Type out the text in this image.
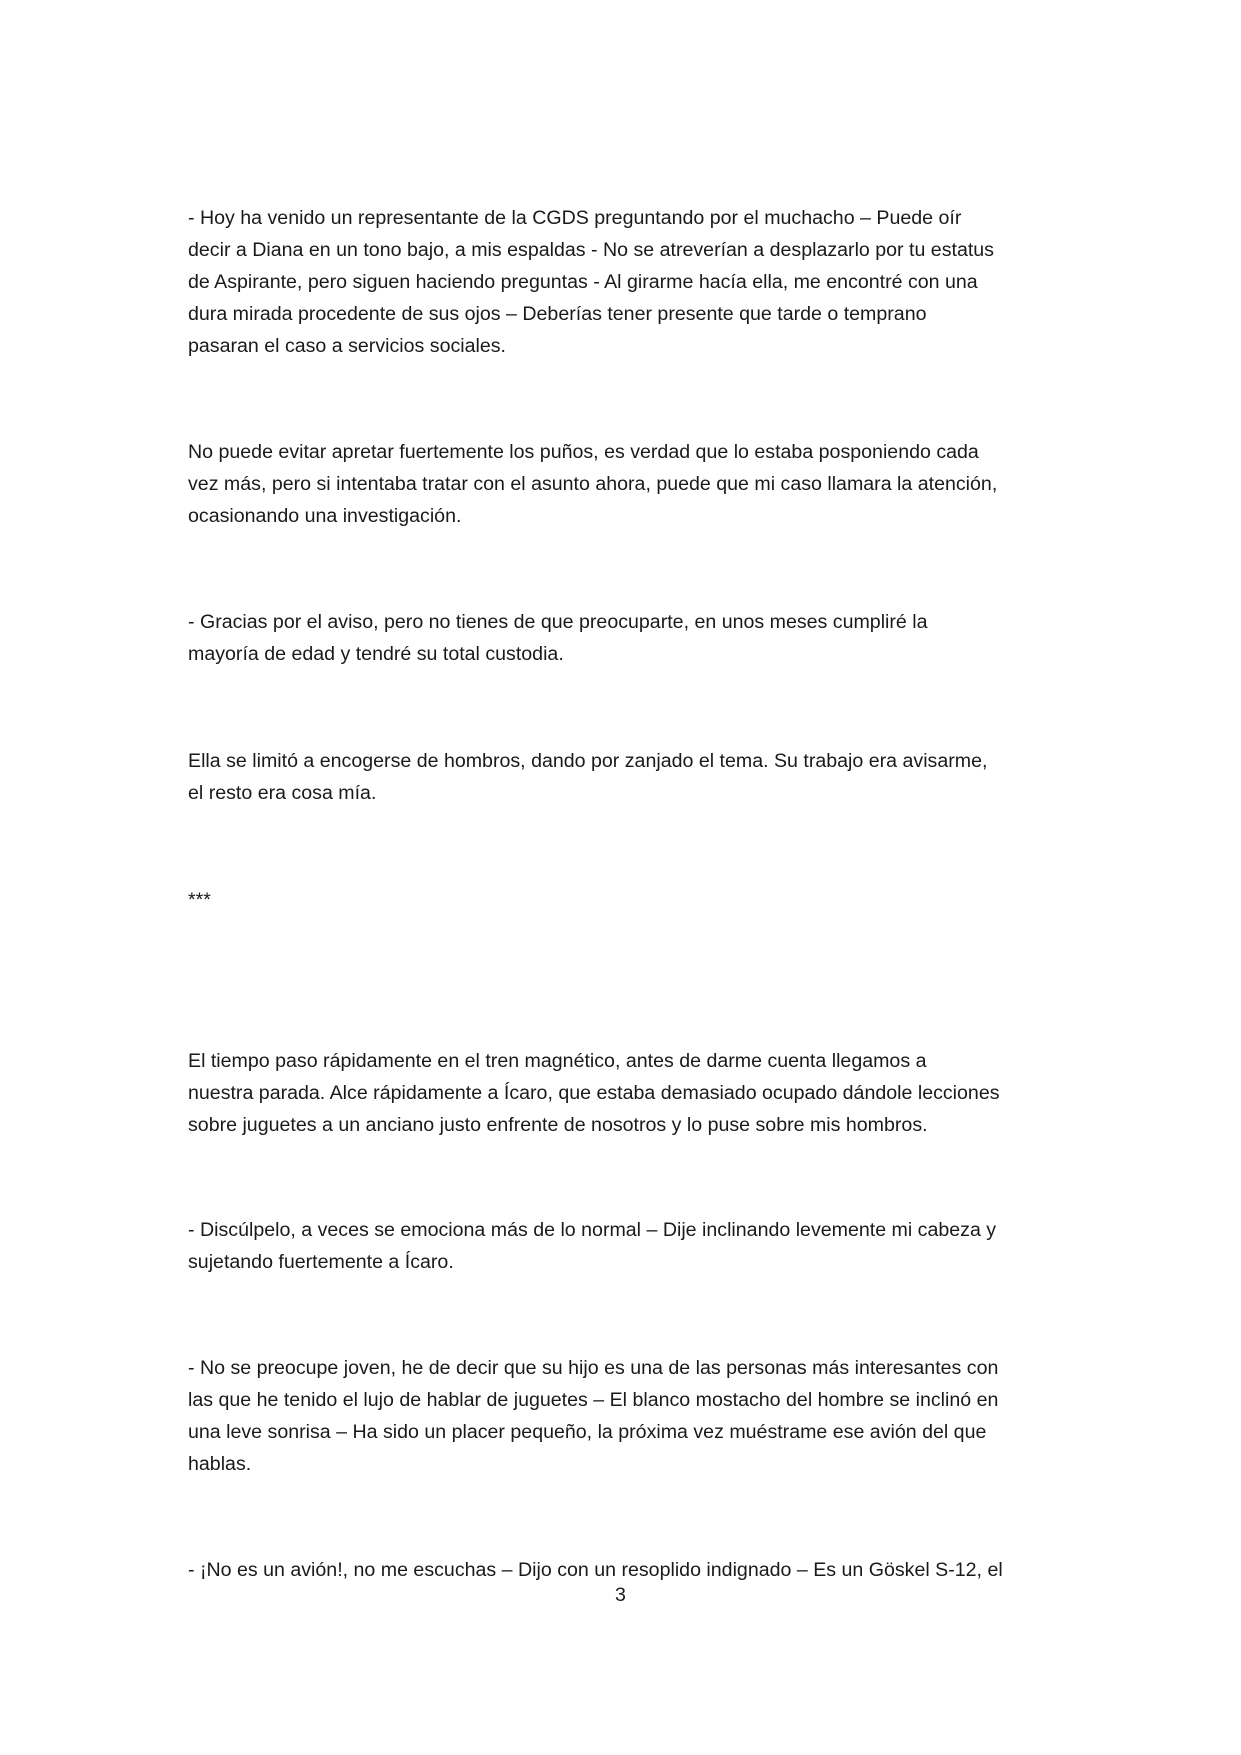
- Hoy ha venido un representante de la CGDS preguntando por el muchacho – Puede oír
decir a Diana en un tono bajo, a mis espaldas - No se atreverían a desplazarlo por tu estatus
de Aspirante, pero siguen haciendo preguntas - Al girarme hacía ella, me encontré con una
dura mirada procedente de sus ojos – Deberías tener presente que tarde o temprano
pasaran el caso a servicios sociales.
No puede evitar apretar fuertemente los puños, es verdad que lo estaba posponiendo cada
vez más, pero si intentaba tratar con el asunto ahora, puede que mi caso llamara la atención,
ocasionando una investigación.
- Gracias por el aviso, pero no tienes de que preocuparte, en unos meses cumpliré la
mayoría de edad y tendré su total custodia.
Ella se limitó a encogerse de hombros, dando por zanjado el tema. Su trabajo era avisarme,
el resto era cosa mía.
***
El tiempo paso rápidamente en el tren magnético, antes de darme cuenta llegamos a
nuestra parada. Alce rápidamente a Ícaro, que estaba demasiado ocupado dándole lecciones
sobre juguetes a un anciano justo enfrente de nosotros y lo puse sobre mis hombros.
- Discúlpelo, a veces se emociona más de lo normal – Dije inclinando levemente mi cabeza y
sujetando fuertemente a Ícaro.
- No se preocupe joven, he de decir que su hijo es una de las personas más interesantes con
las que he tenido el lujo de hablar de juguetes – El blanco mostacho del hombre se inclinó en
una leve sonrisa – Ha sido un placer pequeño, la próxima vez muéstrame ese avión del que
hablas.
- ¡No es un avión!, no me escuchas – Dijo con un resoplido indignado – Es un Göskel S-12, el
3
